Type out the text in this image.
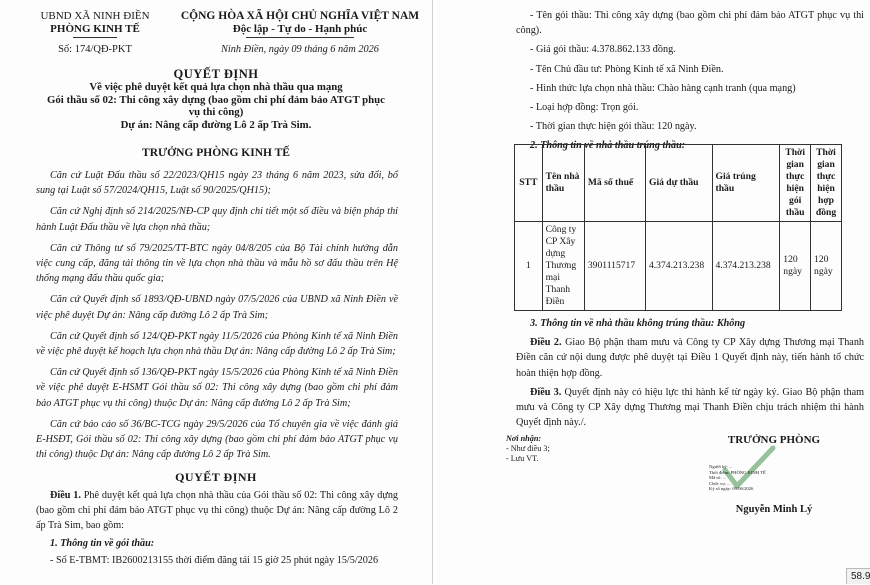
UBND XÃ NINH ĐIỀN
PHÒNG KINH TẾ
Số: 174/QĐ-PKT
CỘNG HÒA XÃ HỘI CHỦ NGHĨA VIỆT NAM
Độc lập - Tự do - Hạnh phúc
Ninh Điền, ngày 09 tháng 6 năm 2026
QUYẾT ĐỊNH
Về việc phê duyệt kết quả lựa chọn nhà thầu qua mạng
Gói thầu số 02: Thi công xây dựng (bao gồm chi phí đảm bảo ATGT phục vụ thi công)
Dự án: Nâng cấp đường Lô 2 ấp Trà Sim.
TRƯỞNG PHÒNG KINH TẾ

Căn cứ Luật Đấu thầu số 22/2023/QH15 ngày 23 tháng 6 năm 2023, sửa đổi, bổ sung tại Luật số 57/2024/QH15, Luật số 90/2025/QH15);

Căn cứ Nghị định số 214/2025/NĐ-CP quy định chi tiết một số điều và biện pháp thi hành Luật Đấu thầu về lựa chọn nhà thầu;

Căn cứ Thông tư số 79/2025/TT-BTC ngày 04/8/205 của Bộ Tài chính hướng dẫn việc cung cấp, đăng tải thông tin về lựa chọn nhà thầu và mẫu hồ sơ đấu thầu trên Hệ thống mạng đấu thầu quốc gia;

Căn cứ Quyết định số 1893/QĐ-UBND ngày 07/5/2026 của UBND xã Ninh Điền về việc phê duyệt Dự án: Nâng cấp đường Lô 2 ấp Trà Sim;

Căn cứ Quyết định số 124/QĐ-PKT ngày 11/5/2026 của Phòng Kinh tế xã Ninh Điền về việc phê duyệt kế hoạch lựa chọn nhà thầu Dự án: Nâng cấp đường Lô 2 ấp Trà Sim;

Căn cứ Quyết định số 136/QĐ-PKT ngày 15/5/2026 của Phòng Kinh tế xã Ninh Điền về việc phê duyệt E-HSMT Gói thầu số 02: Thi công xây dựng (bao gồm chi phí đảm bảo ATGT phục vụ thi công) thuộc Dự án: Nâng cấp đường Lô 2 ấp Trà Sim;

Căn cứ báo cáo số 36/BC-TCG ngày 29/5/2026 của Tổ chuyên gia về việc đánh giá E-HSĐT, Gói thầu số 02: Thi công xây dựng (bao gồm chi phí đảm bảo ATGT phục vụ thi công) thuộc Dự án: Nâng cấp đường Lô 2 ấp Trà Sim.

QUYẾT ĐỊNH

Điều 1. Phê duyệt kết quả lựa chọn nhà thầu của Gói thầu số 02: Thi công xây dựng (bao gồm chi phí đảm bảo ATGT phục vụ thi công) thuộc Dự án: Nâng cấp đường Lô 2 ấp Trà Sim, bao gồm:

1. Thông tin về gói thầu:

- Số E-TBMT: IB2600213155 thời điểm đăng tải 15 giờ 25 phút ngày 15/5/2026

- Tên gói thầu: Thi công xây dựng (bao gồm chi phí đảm bảo ATGT phục vụ thi công).

- Giá gói thầu: 4.378.862.133 đồng.

- Tên Chủ đầu tư: Phòng Kinh tế xã Ninh Điền.

- Hình thức lựa chọn nhà thầu: Chào hàng cạnh tranh (qua mạng)

- Loại hợp đồng: Trọn gói.

- Thời gian thực hiện gói thầu: 120 ngày.

2. Thông tin về nhà thầu trúng thầu:

STT	Tên nhà thầu	Mã số thuế	Giá dự thầu	Giá trúng thầu	Thời gian thực hiện gói thầu	Thời gian thực hiện hợp đồng
1	Công ty CP Xây dựng Thương mại Thanh Điền	3901115717	4.374.213.238	4.374.213.238	120 ngày	120 ngày

3. Thông tin về nhà thầu không trúng thầu: Không

Điều 2. Giao Bộ phận tham mưu và Công ty CP Xây dựng Thương mại Thanh Điền căn cứ nội dung được phê duyệt tại Điều 1 Quyết định này, tiến hành tổ chức hoàn thiện hợp đồng.

Điều 3. Quyết định này có hiệu lực thi hành kể từ ngày ký. Giao Bộ phận tham mưu và Công ty CP Xây dựng Thương mại Thanh Điền chịu trách nhiệm thi hành Quyết định này./.

Nơi nhận:
- Như điều 3;
- Lưu VT.
TRƯỞNG PHÒNG
Người ký: ...
Thời điểm: PHÒNG KINH TẾ
Mã số: ...
Chức vụ: ...
Ký số ngày: 09/06/2026
Nguyễn Minh Lý
58.9
